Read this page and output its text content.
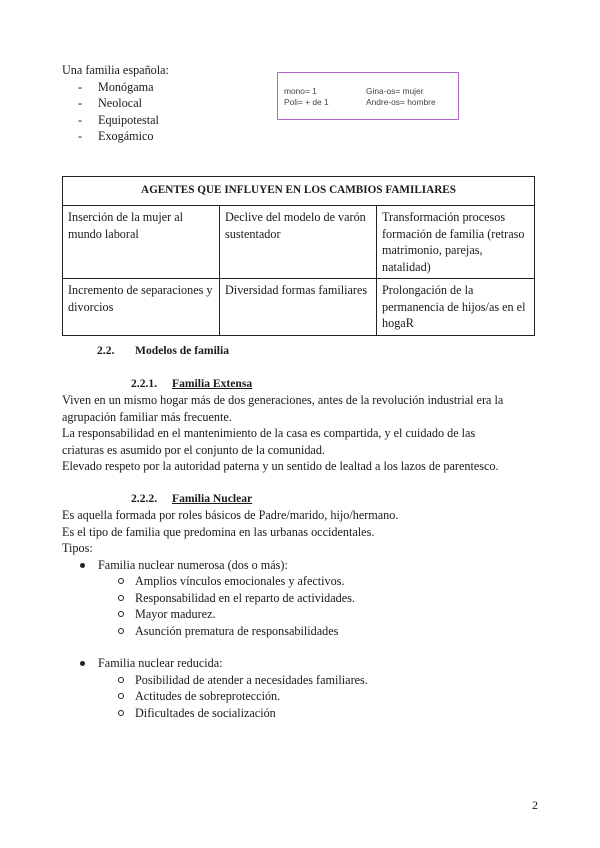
Una familia española:
- Monógama
- Neolocal
- Equipotestal
- Exogámico
mono= 1	Gina-os= mujer
Poli= + de 1	Andre-os= hombre
AGENTES QUE INFLUYEN EN LOS CAMBIOS FAMILIARES		
Inserción de la mujer al mundo laboral	Declive del modelo de varón sustentador	Transformación procesos formación de familia (retraso matrimonio, parejas, natalidad)
Incremento de separaciones y divorcios	Diversidad formas familiares	Prolongación de la permanencia de hijos/as en el hogaR
2.2. Modelos de familia
2.2.1. Familia Extensa
Viven en un mismo hogar más de dos generaciones, antes de la revolución industrial era la
agrupación familiar más frecuente.
La responsabilidad en el mantenimiento de la casa es compartida, y el cuidado de las
criaturas es asumido por el conjunto de la comunidad.
Elevado respeto por la autoridad paterna y un sentido de lealtad a los lazos de parentesco.
2.2.2. Familia Nuclear
Es aquella formada por roles básicos de Padre/marido, hijo/hermano.
Es el tipo de familia que predomina en las urbanas occidentales.
Tipos:
Familia nuclear numerosa (dos o más):
Amplios vínculos emocionales y afectivos.
Responsabilidad en el reparto de actividades.
Mayor madurez.
Asunción prematura de responsabilidades
Familia nuclear reducida:
Posibilidad de atender a necesidades familiares.
Actitudes de sobreprotección.
Dificultades de socialización
2
